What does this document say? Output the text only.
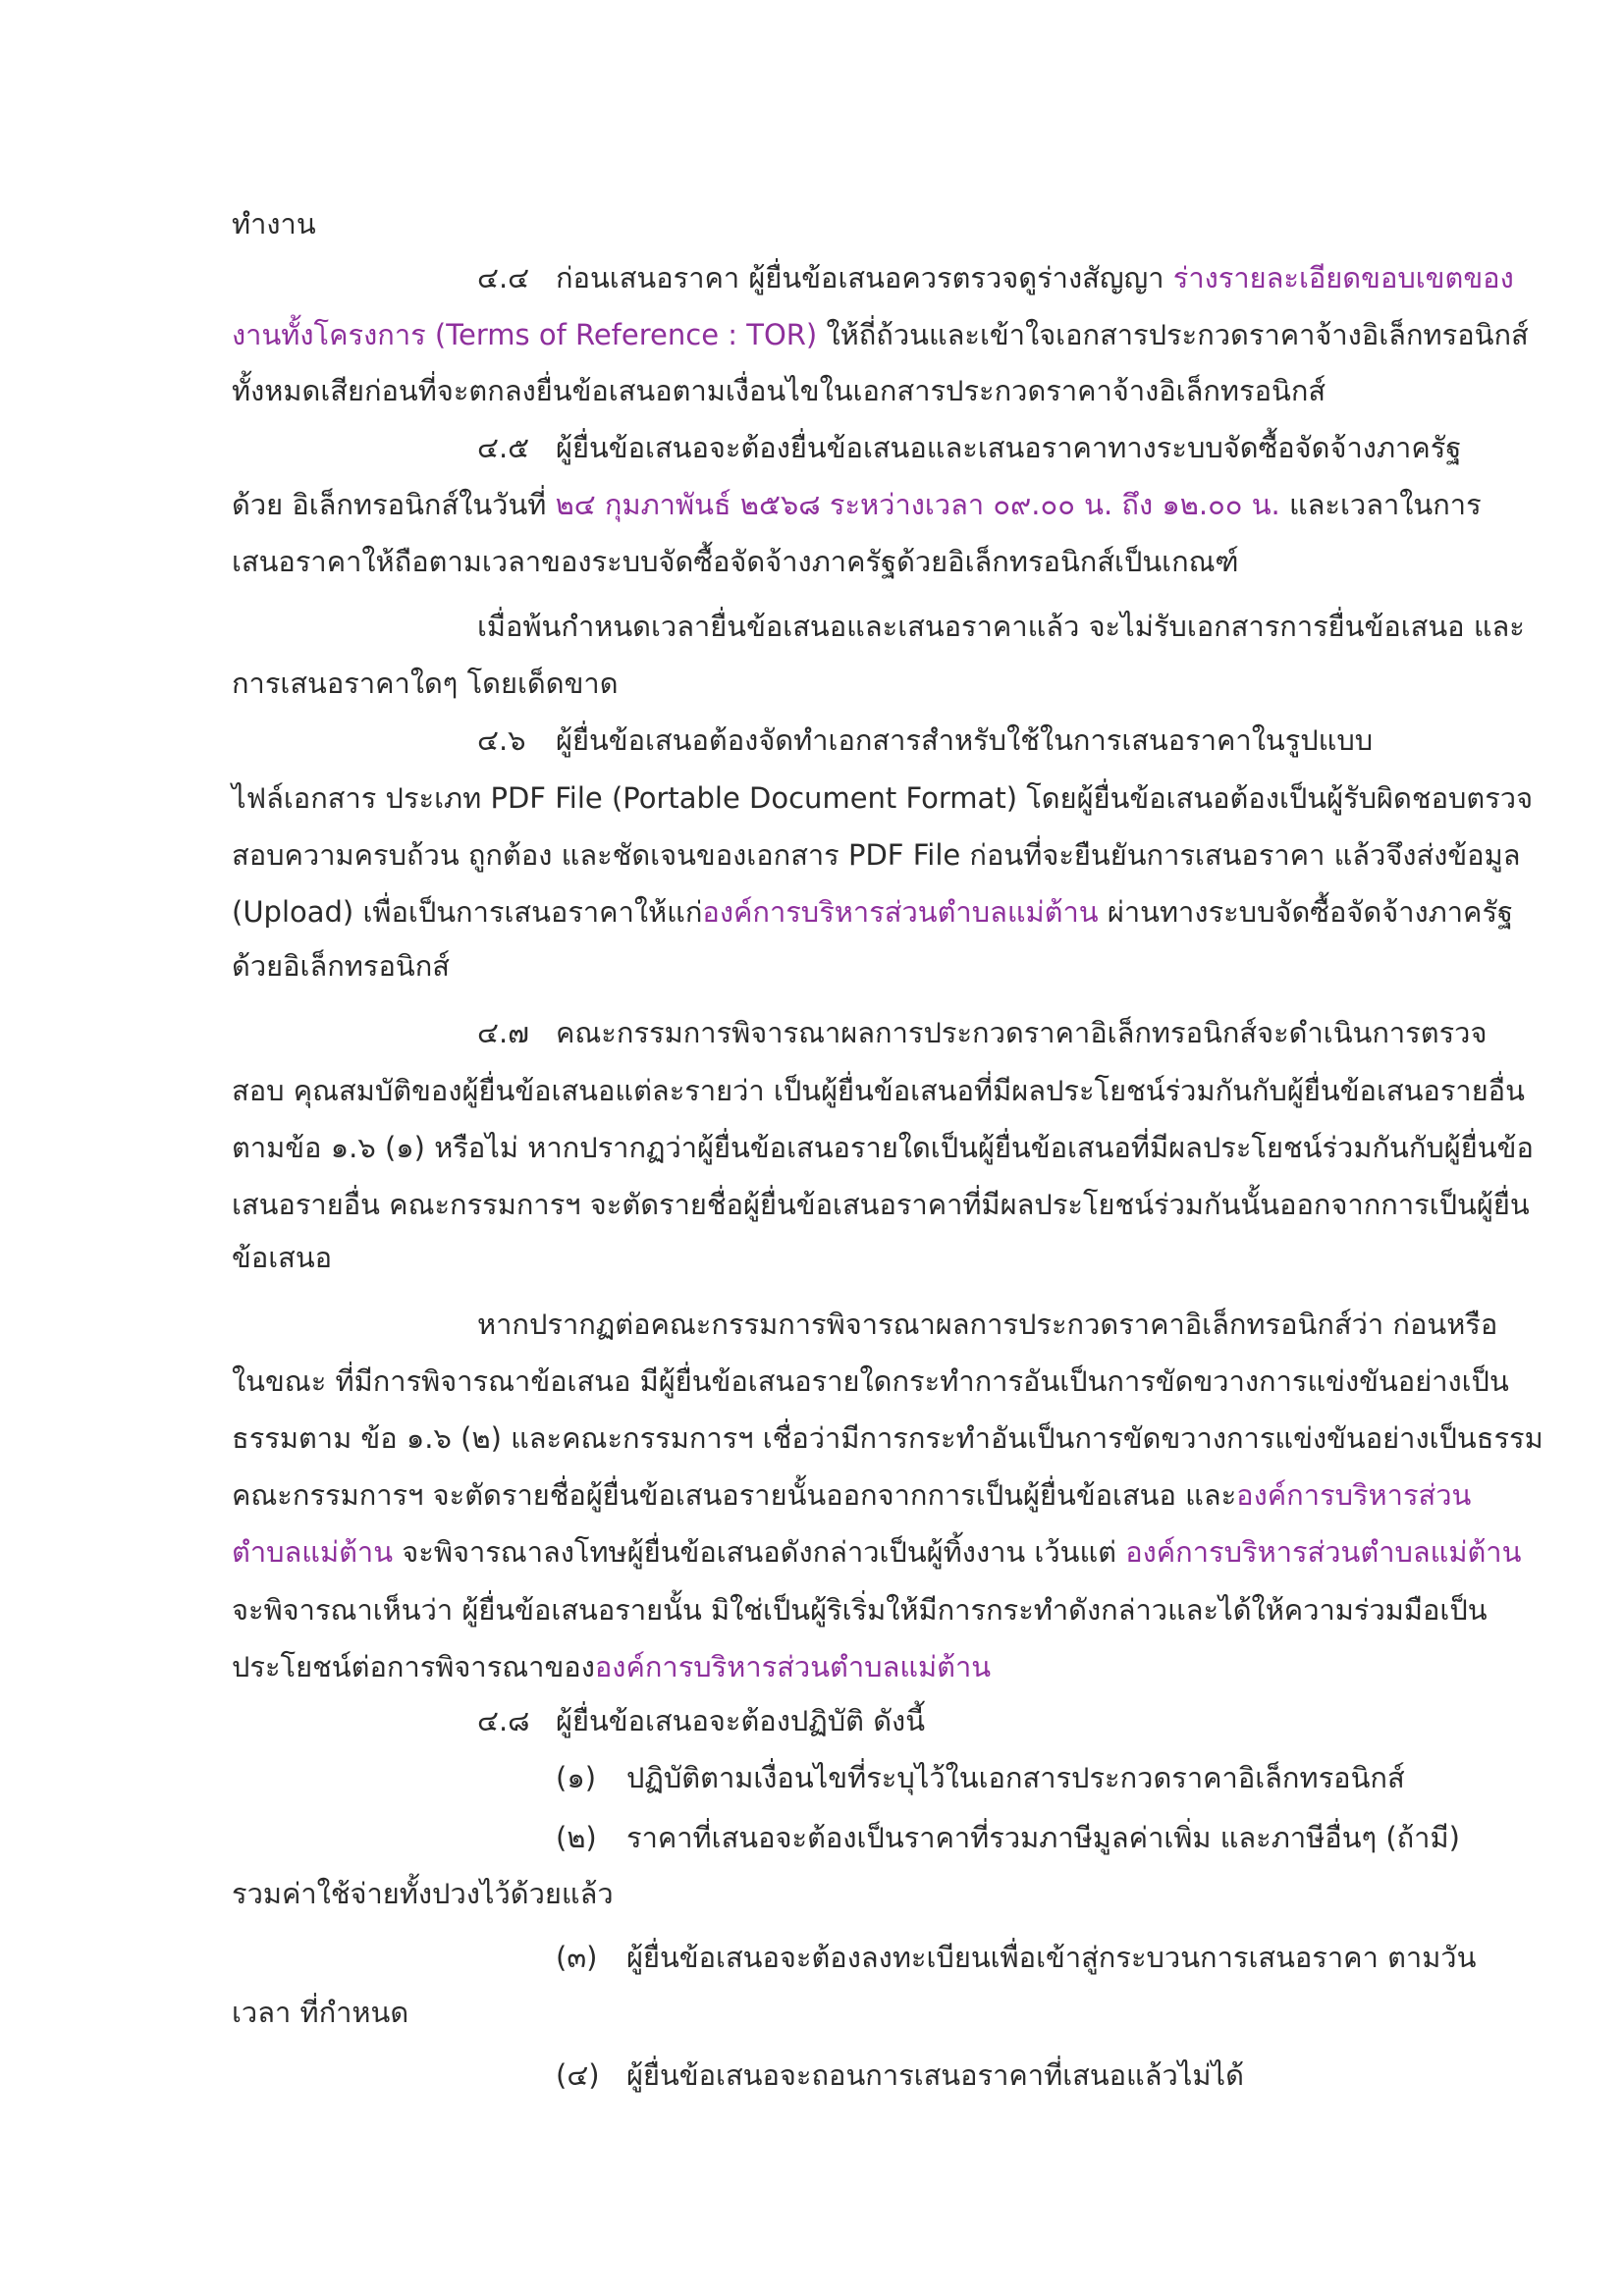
ทำงาน
๔.๔ ก่อนเสนอราคา ผู้ยื่นข้อเสนอควรตรวจดูร่างสัญญา ร่างรายละเอียดขอบเขตของ
งานทั้งโครงการ (Terms of Reference : TOR) ให้ถี่ถ้วนและเข้าใจเอกสารประกวดราคาจ้างอิเล็กทรอนิกส์
ทั้งหมดเสียก่อนที่จะตกลงยื่นข้อเสนอตามเงื่อนไขในเอกสารประกวดราคาจ้างอิเล็กทรอนิกส์
๔.๕ ผู้ยื่นข้อเสนอจะต้องยื่นข้อเสนอและเสนอราคาทางระบบจัดซื้อจัดจ้างภาครัฐ
ด้วย อิเล็กทรอนิกส์ในวันที่ ๒๔ กุมภาพันธ์ ๒๕๖๘ ระหว่างเวลา ๐๙.๐๐ น. ถึง ๑๒.๐๐ น. และเวลาในการ
เสนอราคาให้ถือตามเวลาของระบบจัดซื้อจัดจ้างภาครัฐด้วยอิเล็กทรอนิกส์เป็นเกณฑ์
เมื่อพ้นกำหนดเวลายื่นข้อเสนอและเสนอราคาแล้ว จะไม่รับเอกสารการยื่นข้อเสนอ และ
การเสนอราคาใดๆ โดยเด็ดขาด
๔.๖ ผู้ยื่นข้อเสนอต้องจัดทำเอกสารสำหรับใช้ในการเสนอราคาในรูปแบบ
ไฟล์เอกสาร ประเภท PDF File (Portable Document Format) โดยผู้ยื่นข้อเสนอต้องเป็นผู้รับผิดชอบตรวจ
สอบความครบถ้วน ถูกต้อง และชัดเจนของเอกสาร PDF File ก่อนที่จะยืนยันการเสนอราคา แล้วจึงส่งข้อมูล
(Upload) เพื่อเป็นการเสนอราคาให้แก่องค์การบริหารส่วนตำบลแม่ต้าน ผ่านทางระบบจัดซื้อจัดจ้างภาครัฐ
ด้วยอิเล็กทรอนิกส์
๔.๗ คณะกรรมการพิจารณาผลการประกวดราคาอิเล็กทรอนิกส์จะดำเนินการตรวจ
สอบ คุณสมบัติของผู้ยื่นข้อเสนอแต่ละรายว่า เป็นผู้ยื่นข้อเสนอที่มีผลประโยชน์ร่วมกันกับผู้ยื่นข้อเสนอรายอื่น
ตามข้อ ๑.๖ (๑) หรือไม่ หากปรากฏว่าผู้ยื่นข้อเสนอรายใดเป็นผู้ยื่นข้อเสนอที่มีผลประโยชน์ร่วมกันกับผู้ยื่นข้อ
เสนอรายอื่น คณะกรรมการฯ จะตัดรายชื่อผู้ยื่นข้อเสนอราคาที่มีผลประโยชน์ร่วมกันนั้นออกจากการเป็นผู้ยื่น
ข้อเสนอ
หากปรากฏต่อคณะกรรมการพิจารณาผลการประกวดราคาอิเล็กทรอนิกส์ว่า ก่อนหรือ
ในขณะ ที่มีการพิจารณาข้อเสนอ มีผู้ยื่นข้อเสนอรายใดกระทำการอันเป็นการขัดขวางการแข่งขันอย่างเป็น
ธรรมตาม ข้อ ๑.๖ (๒) และคณะกรรมการฯ เชื่อว่ามีการกระทำอันเป็นการขัดขวางการแข่งขันอย่างเป็นธรรม
คณะกรรมการฯ จะตัดรายชื่อผู้ยื่นข้อเสนอรายนั้นออกจากการเป็นผู้ยื่นข้อเสนอ และองค์การบริหารส่วน
ตำบลแม่ต้าน จะพิจารณาลงโทษผู้ยื่นข้อเสนอดังกล่าวเป็นผู้ทิ้งงาน เว้นแต่ องค์การบริหารส่วนตำบลแม่ต้าน
จะพิจารณาเห็นว่า ผู้ยื่นข้อเสนอรายนั้น มิใช่เป็นผู้ริเริ่มให้มีการกระทำดังกล่าวและได้ให้ความร่วมมือเป็น
ประโยชน์ต่อการพิจารณาขององค์การบริหารส่วนตำบลแม่ต้าน
๔.๘ ผู้ยื่นข้อเสนอจะต้องปฏิบัติ ดังนี้
(๑) ปฏิบัติตามเงื่อนไขที่ระบุไว้ในเอกสารประกวดราคาอิเล็กทรอนิกส์
(๒) ราคาที่เสนอจะต้องเป็นราคาที่รวมภาษีมูลค่าเพิ่ม และภาษีอื่นๆ (ถ้ามี)
รวมค่าใช้จ่ายทั้งปวงไว้ด้วยแล้ว
(๓) ผู้ยื่นข้อเสนอจะต้องลงทะเบียนเพื่อเข้าสู่กระบวนการเสนอราคา ตามวัน
เวลา ที่กำหนด
(๔) ผู้ยื่นข้อเสนอจะถอนการเสนอราคาที่เสนอแล้วไม่ได้
